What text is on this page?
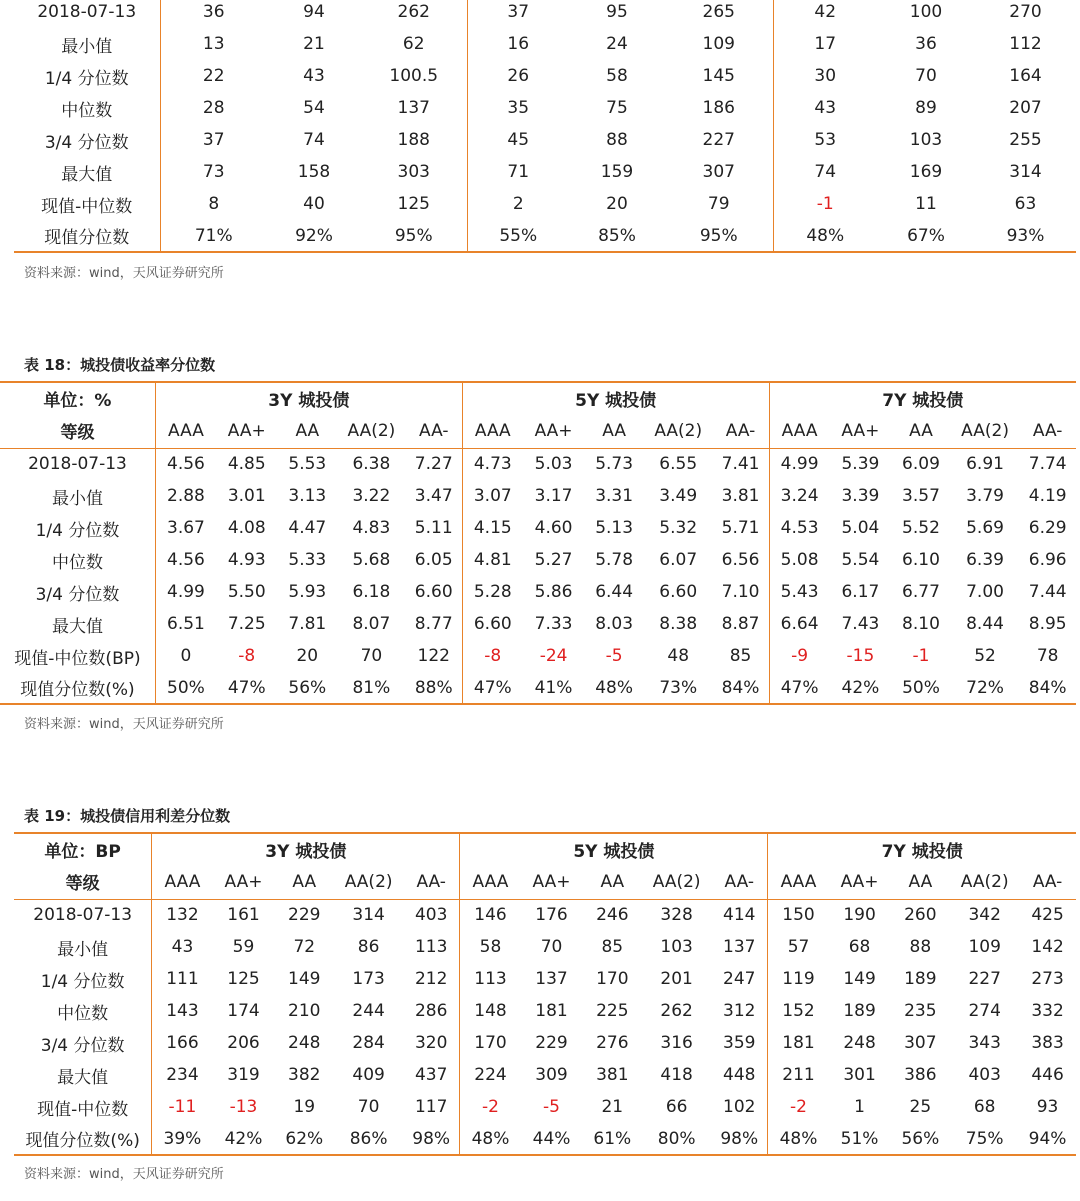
2018-07-13	36	94	262	37	95	265	42	100	270
最小值	13	21	62	16	24	109	17	36	112
1/4 分位数	22	43	100.5	26	58	145	30	70	164
中位数	28	54	137	35	75	186	43	89	207
3/4 分位数	37	74	188	45	88	227	53	103	255
最大值	73	158	303	71	159	307	74	169	314
现值-中位数	8	40	125	2	20	79	-1	11	63
现值分位数	71%	92%	95%	55%	85%	95%	48%	67%	93%
资料来源：wind，天风证券研究所
表 18：城投债收益率分位数
单位：%	3Y 城投债					5Y 城投债					7Y 城投债				
等级	AAA	AA+	AA	AA(2)	AA-	AAA	AA+	AA	AA(2)	AA-	AAA	AA+	AA	AA(2)	AA-
2018-07-13	4.56	4.85	5.53	6.38	7.27	4.73	5.03	5.73	6.55	7.41	4.99	5.39	6.09	6.91	7.74
最小值	2.88	3.01	3.13	3.22	3.47	3.07	3.17	3.31	3.49	3.81	3.24	3.39	3.57	3.79	4.19
1/4 分位数	3.67	4.08	4.47	4.83	5.11	4.15	4.60	5.13	5.32	5.71	4.53	5.04	5.52	5.69	6.29
中位数	4.56	4.93	5.33	5.68	6.05	4.81	5.27	5.78	6.07	6.56	5.08	5.54	6.10	6.39	6.96
3/4 分位数	4.99	5.50	5.93	6.18	6.60	5.28	5.86	6.44	6.60	7.10	5.43	6.17	6.77	7.00	7.44
最大值	6.51	7.25	7.81	8.07	8.77	6.60	7.33	8.03	8.38	8.87	6.64	7.43	8.10	8.44	8.95
现值-中位数(BP)	0	-8	20	70	122	-8	-24	-5	48	85	-9	-15	-1	52	78
现值分位数(%)	50%	47%	56%	81%	88%	47%	41%	48%	73%	84%	47%	42%	50%	72%	84%
资料来源：wind，天风证券研究所
表 19：城投债信用利差分位数
单位：BP	3Y 城投债					5Y 城投债					7Y 城投债				
等级	AAA	AA+	AA	AA(2)	AA-	AAA	AA+	AA	AA(2)	AA-	AAA	AA+	AA	AA(2)	AA-
2018-07-13	132	161	229	314	403	146	176	246	328	414	150	190	260	342	425
最小值	43	59	72	86	113	58	70	85	103	137	57	68	88	109	142
1/4 分位数	111	125	149	173	212	113	137	170	201	247	119	149	189	227	273
中位数	143	174	210	244	286	148	181	225	262	312	152	189	235	274	332
3/4 分位数	166	206	248	284	320	170	229	276	316	359	181	248	307	343	383
最大值	234	319	382	409	437	224	309	381	418	448	211	301	386	403	446
现值-中位数	-11	-13	19	70	117	-2	-5	21	66	102	-2	1	25	68	93
现值分位数(%)	39%	42%	62%	86%	98%	48%	44%	61%	80%	98%	48%	51%	56%	75%	94%
资料来源：wind，天风证券研究所
